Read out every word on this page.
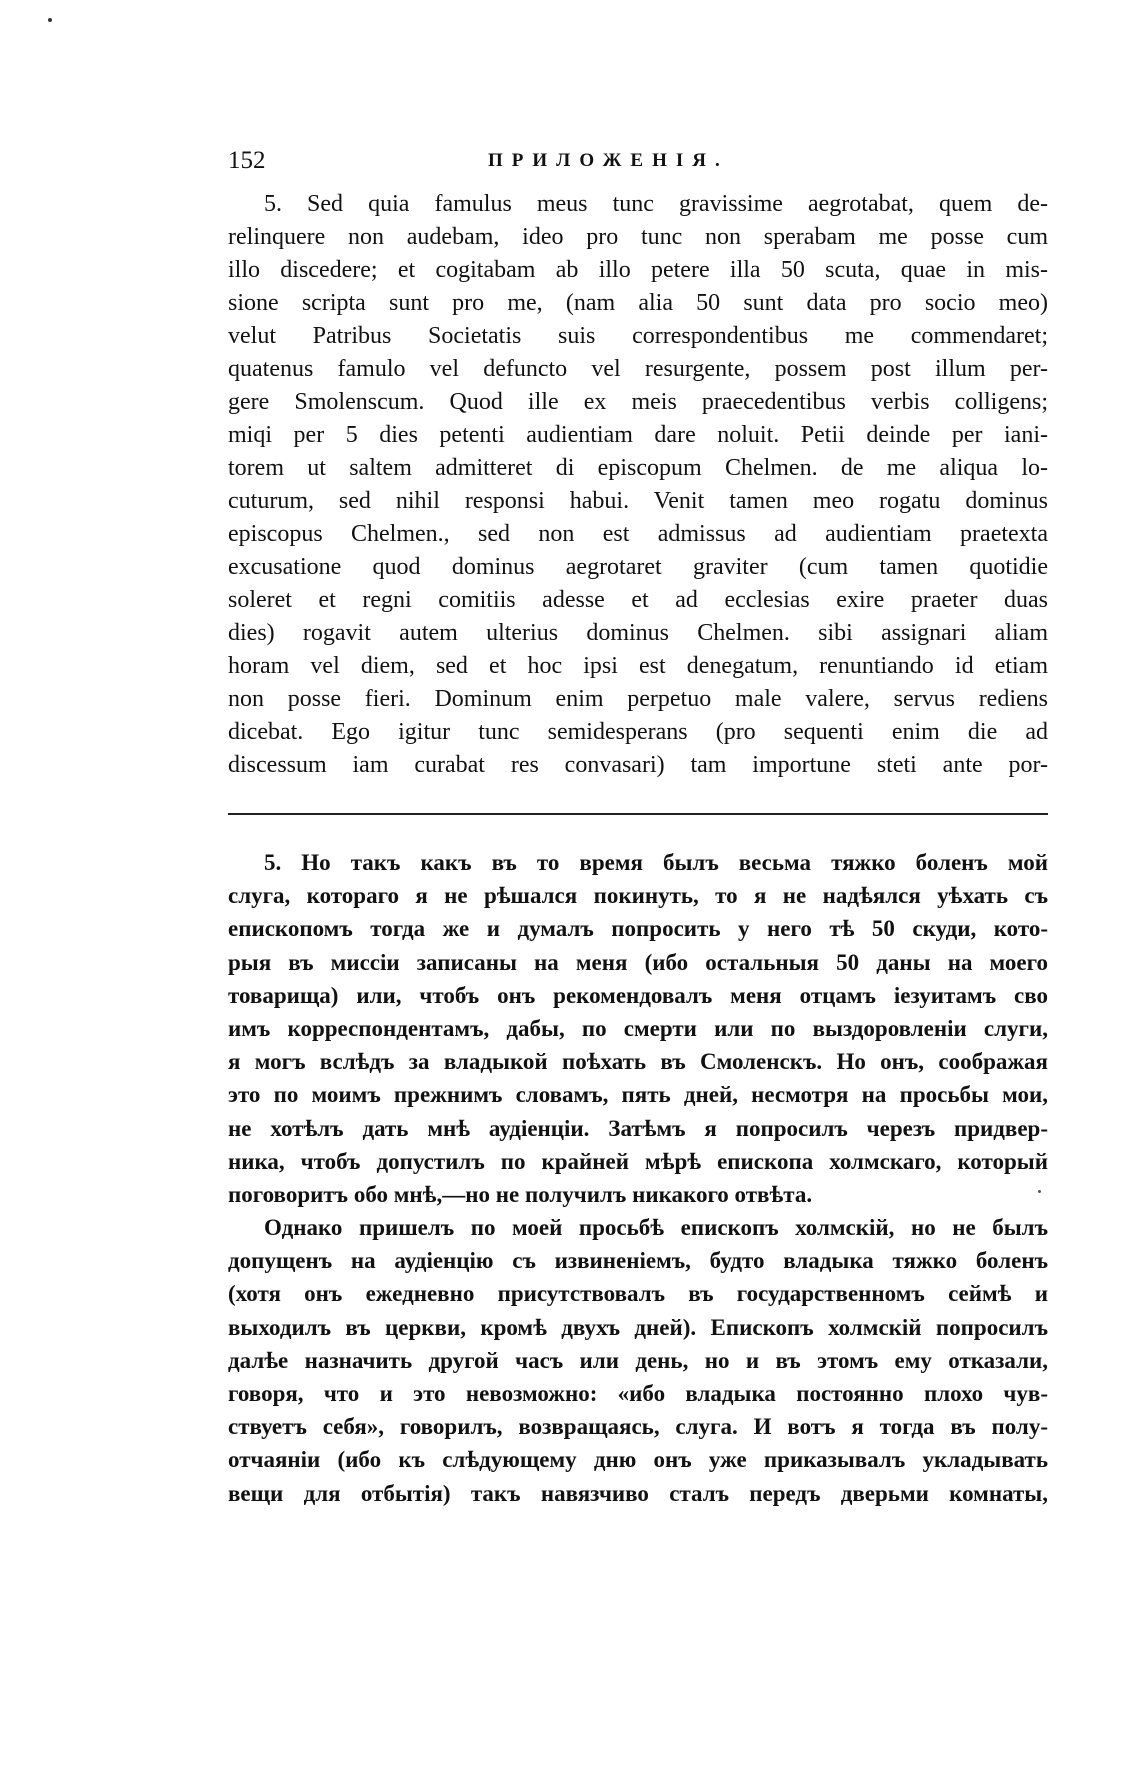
152	ПРИЛОЖЕНІЯ.
5. Sed quia famulus meus tunc gravissime aegrotabat, quem de-
relinquere non audebam, ideo pro tunc non sperabam me posse cum
illo discedere; et cogitabam ab illo petere illa 50 scuta, quae in mis-
sione scripta sunt pro me, (nam alia 50 sunt data pro socio meo)
velut Patribus Societatis suis correspondentibus me commendaret;
quatenus famulo vel defuncto vel resurgente, possem post illum per-
gere Smolenscum. Quod ille ex meis praecedentibus verbis colligens;
miqi per 5 dies petenti audientiam dare noluit. Petii deinde per iani-
torem ut saltem admitteret di episcopum Chelmen. de me aliqua lo-
cuturum, sed nihil responsi habui. Venit tamen meo rogatu dominus
episcopus Chelmen., sed non est admissus ad audientiam praetexta
excusatione quod dominus aegrotaret graviter (cum tamen quotidie
soleret et regni comitiis adesse et ad ecclesias exire praeter duas
dies) rogavit autem ulterius dominus Chelmen. sibi assignari aliam
horam vel diem, sed et hoc ipsi est denegatum, renuntiando id etiam
non posse fieri. Dominum enim perpetuo male valere, servus rediens
dicebat. Ego igitur tunc semidesperans (pro sequenti enim die ad
discessum iam curabat res convasari) tam importune steti ante por-
5. Но такъ какъ въ то время былъ весьма тяжко боленъ мой
слуга, котораго я не рѣшался покинуть, то я не надѣялся уѣхать съ
епископомъ тогда же и думалъ попросить у него тѣ 50 скуди, кото-
рыя въ миссіи записаны на меня (ибо остальныя 50 даны на моего
товарища) или, чтобъ онъ рекомендовалъ меня отцамъ іезуитамъ сво
имъ корреспондентамъ, дабы, по смерти или по выздоровленіи слуги,
я могъ вслѣдъ за владыкой поѣхать въ Смоленскъ. Но онъ, соображая
это по моимъ прежнимъ словамъ, пять дней, несмотря на просьбы мои,
не хотѣлъ дать мнѣ аудіенціи. Затѣмъ я попросилъ черезъ придвер-
ника, чтобъ допустилъ по крайней мѣрѣ епископа холмскаго, который
поговоритъ обо мнѣ,—но не получилъ никакого отвѣта.
Однако пришелъ по моей просьбѣ епископъ холмскій, но не былъ
допущенъ на аудіенцію съ извиненіемъ, будто владыка тяжко боленъ
(хотя онъ ежедневно присутствовалъ въ государственномъ сеймѣ и
выходилъ въ церкви, кромѣ двухъ дней). Епископъ холмскій попросилъ
далѣе назначить другой часъ или день, но и въ этомъ ему отказали,
говоря, что и это невозможно: «ибо владыка постоянно плохо чув-
ствуетъ себя», говорилъ, возвращаясь, слуга. И вотъ я тогда въ полу-
отчаяніи (ибо къ слѣдующему дню онъ уже приказывалъ укладывать
вещи для отбытія) такъ навязчиво сталъ передъ дверьми комнаты,
